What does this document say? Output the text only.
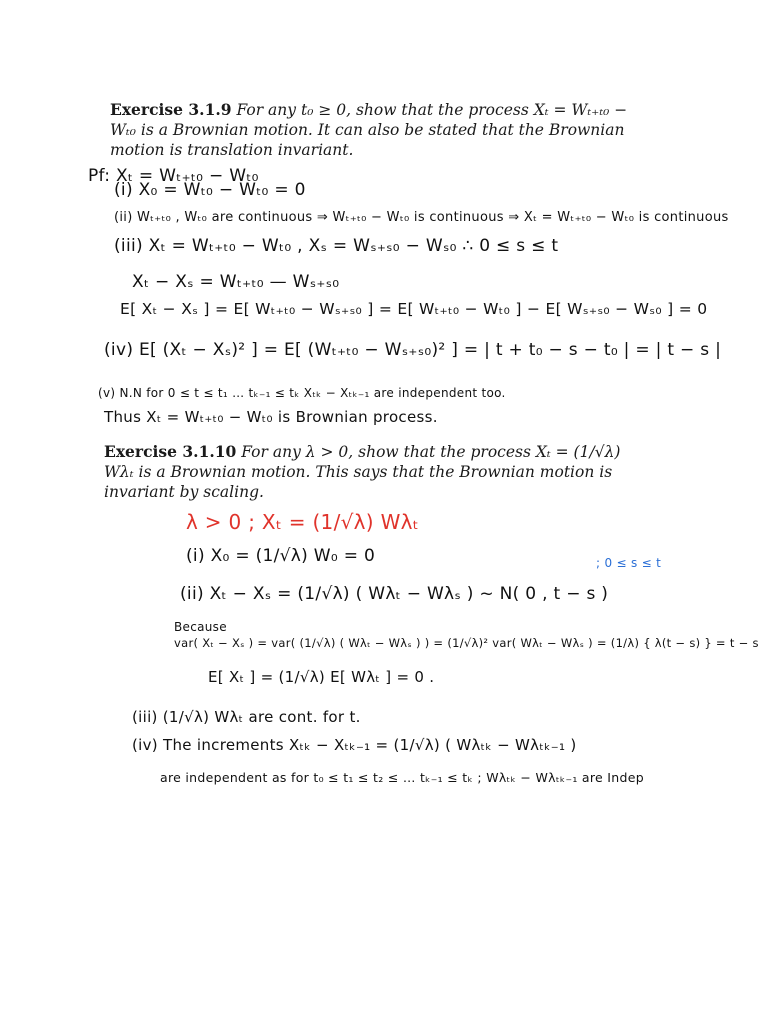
Exercise 3.1.9 For any t₀ ≥ 0, show that the process Xₜ = Wₜ₊ₜ₀ − Wₜ₀ is a Brownian motion. It can also be stated that the Brownian motion is translation invariant.
Pf: Xₜ = Wₜ₊ₜ₀ − Wₜ₀
(i) X₀ = Wₜ₀ − Wₜ₀ = 0
(ii) Wₜ₊ₜ₀ , Wₜ₀ are continuous ⇒ Wₜ₊ₜ₀ − Wₜ₀ is continuous ⇒ Xₜ = Wₜ₊ₜ₀ − Wₜ₀ is continuous
(iii) Xₜ = Wₜ₊ₜ₀ − Wₜ₀ , Xₛ = Wₛ₊ₛ₀ − Wₛ₀ ∴ 0 ≤ s ≤ t
Xₜ − Xₛ = Wₜ₊ₜ₀ — Wₛ₊ₛ₀
E[ Xₜ − Xₛ ] = E[ Wₜ₊ₜ₀ − Wₛ₊ₛ₀ ] = E[ Wₜ₊ₜ₀ − Wₜ₀ ] − E[ Wₛ₊ₛ₀ − Wₛ₀ ] = 0
(iv) E[ (Xₜ − Xₛ)² ] = E[ (Wₜ₊ₜ₀ − Wₛ₊ₛ₀)² ] = | t + t₀ − s − t₀ | = | t − s |
(v) N.N for 0 ≤ t ≤ t₁ … tₖ₋₁ ≤ tₖ Xₜₖ − Xₜₖ₋₁ are independent too.
Thus Xₜ = Wₜ₊ₜ₀ − Wₜ₀ is Brownian process.
Exercise 3.1.10 For any λ > 0, show that the process Xₜ = (1/√λ) Wλₜ is a Brownian motion. This says that the Brownian motion is invariant by scaling.
λ > 0 ; Xₜ = (1/√λ) Wλₜ
(i) X₀ = (1/√λ) W₀ = 0
(ii) Xₜ − Xₛ = (1/√λ) ( Wλₜ − Wλₛ ) ~ N( 0 , t − s )
; 0 ≤ s ≤ t
Because
var( Xₜ − Xₛ ) = var( (1/√λ) ( Wλₜ − Wλₛ ) ) = (1/√λ)² var( Wλₜ − Wλₛ ) = (1/λ) { λ(t − s) } = t − s
E[ Xₜ ] = (1/√λ) E[ Wλₜ ] = 0 .
(iii) (1/√λ) Wλₜ are cont. for t.
(iv) The increments Xₜₖ − Xₜₖ₋₁ = (1/√λ) ( Wλₜₖ − Wλₜₖ₋₁ )
are independent as for t₀ ≤ t₁ ≤ t₂ ≤ … tₖ₋₁ ≤ tₖ ; Wλₜₖ − Wλₜₖ₋₁ are Indep
